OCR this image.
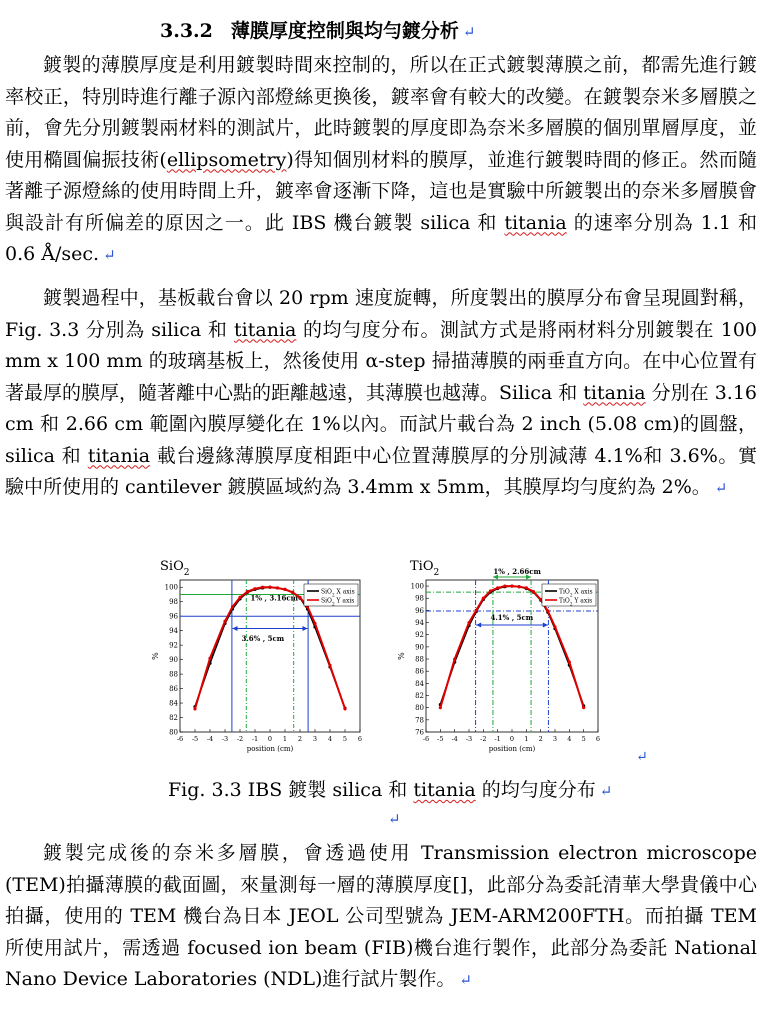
3.3.2 薄膜厚度控制與均勻鍍分析 ↵

鍍製的薄膜厚度是利用鍍製時間來控制的，所以在正式鍍製薄膜之前，都需先進行鍍率校正，特別時進行離子源內部燈絲更換後，鍍率會有較大的改變。在鍍製奈米多層膜之前，會先分別鍍製兩材料的測試片，此時鍍製的厚度即為奈米多層膜的個別單層厚度，並使用橢圓偏振技術(ellipsometry)得知個別材料的膜厚，並進行鍍製時間的修正。然而隨著離子源燈絲的使用時間上升，鍍率會逐漸下降，這也是實驗中所鍍製出的奈米多層膜會與設計有所偏差的原因之一。此 IBS 機台鍍製 silica 和 titania 的速率分別為 1.1 和 0.6 Å/sec. ↵

鍍製過程中，基板載台會以 20 rpm 速度旋轉，所度製出的膜厚分布會呈現圓對稱，Fig. 3.3 分別為 silica 和 titania 的均勻度分布。測試方式是將兩材料分別鍍製在 100 mm x 100 mm 的玻璃基板上，然後使用 α-step 掃描薄膜的兩垂直方向。在中心位置有著最厚的膜厚，隨著離中心點的距離越遠，其薄膜也越薄。Silica 和 titania 分別在 3.16 cm 和 2.66 cm 範圍內膜厚變化在 1%以內。而試片載台為 2 inch (5.08 cm)的圓盤，silica 和 titania 載台邊緣薄膜厚度相距中心位置薄膜厚的分別減薄 4.1%和 3.6%。實驗中所使用的 cantilever 鍍膜區域約為 3.4mm x 5mm，其膜厚均勻度約為 2%。 ↵

SiO$_2$
80
82
84
86
88
90
92
94
96
98
100
-6 -5 -4 -3 -2 -1 0 1 2 3 4 5 6
position (cm)
%
SiO$_2$ X axis
SiO$_2$ Y axis
1% , 3.16cm
3.6% , 5cm
TiO$_2$
76
78
80
82
84
86
88
90
92
94
96
98
100
-6 -5 -4 -3 -2 -1 0 1 2 3 4 5 6
position (cm)
%
TiO$_2$ X axis
TiO$_2$ Y axis
1% , 2.66cm
4.1% , 5cm
↵
Fig. 3.3 IBS 鍍製 silica 和 titania 的均勻度分布 ↵
↵

鍍製完成後的奈米多層膜，會透過使用 Transmission electron microscope (TEM)拍攝薄膜的截面圖，來量測每一層的薄膜厚度[]，此部分為委託清華大學貴儀中心拍攝，使用的 TEM 機台為日本 JEOL 公司型號為 JEM-ARM200FTH。而拍攝 TEM 所使用試片，需透過 focused ion beam (FIB)機台進行製作，此部分為委託 National Nano Device Laboratories (NDL)進行試片製作。 ↵
